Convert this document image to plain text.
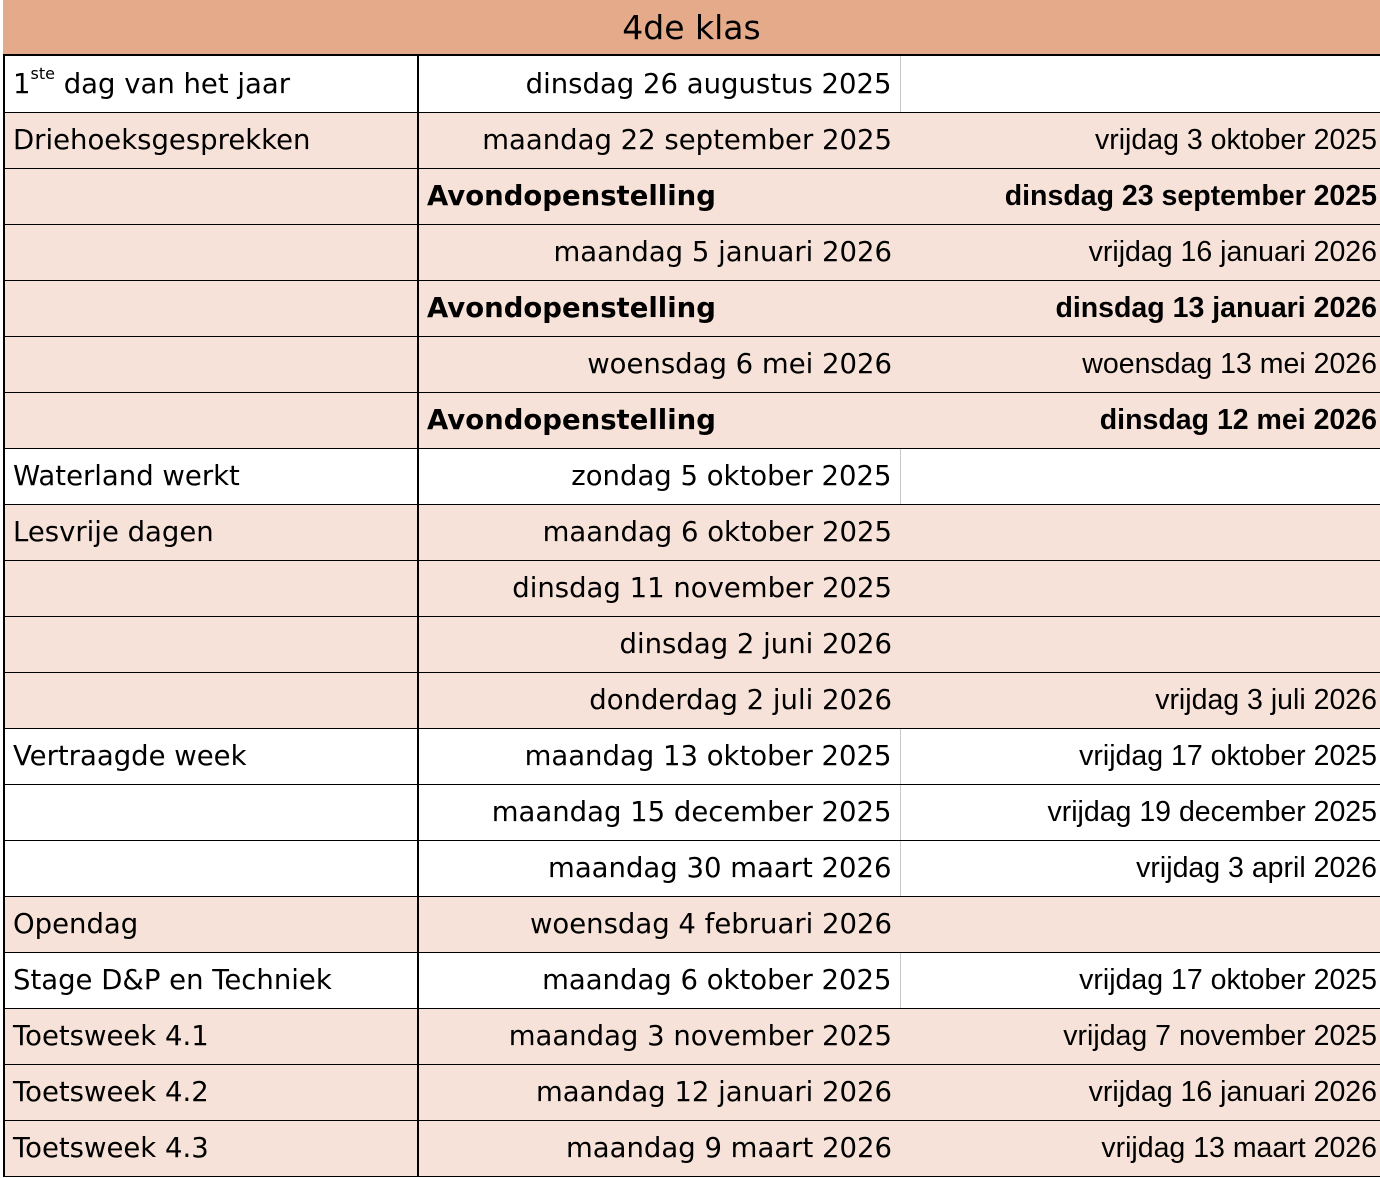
4de klas
1ste dag van het jaar	dinsdag 26 augustus 2025	
Driehoeksgesprekken	maandag 22 september 2025	vrijdag 3 oktober 2025
	Avondopenstelling	dinsdag 23 september 2025
	maandag 5 januari 2026	vrijdag 16 januari 2026
	Avondopenstelling	dinsdag 13 januari 2026
	woensdag 6 mei 2026	woensdag 13 mei 2026
	Avondopenstelling	dinsdag 12 mei 2026
Waterland werkt	zondag 5 oktober 2025	
Lesvrije dagen	maandag 6 oktober 2025	
	dinsdag 11 november 2025	
	dinsdag 2 juni 2026	
	donderdag 2 juli 2026	vrijdag 3 juli 2026
Vertraagde week	maandag 13 oktober 2025	vrijdag 17 oktober 2025
	maandag 15 december 2025	vrijdag 19 december 2025
	maandag 30 maart 2026	vrijdag 3 april 2026
Opendag	woensdag 4 februari 2026	
Stage D&P en Techniek	maandag 6 oktober 2025	vrijdag 17 oktober 2025
Toetsweek 4.1	maandag 3 november 2025	vrijdag 7 november 2025
Toetsweek 4.2	maandag 12 januari 2026	vrijdag 16 januari 2026
Toetsweek 4.3	maandag 9 maart 2026	vrijdag 13 maart 2026
